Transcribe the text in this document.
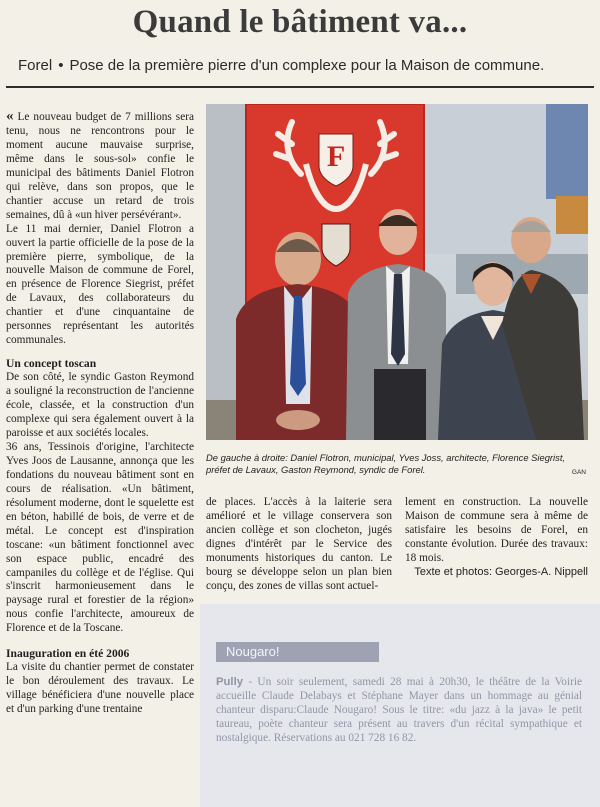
Quand le bâtiment va...
Forel • Pose de la première pierre d'un complexe pour la Maison de commune.

« Le nouveau budget de 7 millions sera tenu, nous ne rencontrons pour le moment aucune mauvaise surprise, même dans le sous-sol» confie le municipal des bâtiments Daniel Flotron qui relève, dans son propos, que le chantier accuse un retard de trois semaines, dû à «un hiver persévérant».

Le 11 mai dernier, Daniel Flotron a ouvert la partie officielle de la pose de la première pierre, symbolique, de la nouvelle Maison de commune de Forel, en présence de Florence Siegrist, préfet de Lavaux, des collaborateurs du chantier et d'une cinquantaine de personnes représentant les autorités communales.

Un concept toscan

De son côté, le syndic Gaston Reymond a souligné la reconstruction de l'ancienne école, classée, et la construction d'un complexe qui sera également ouvert à la paroisse et aux sociétés locales.

36 ans, Tessinois d'origine, l'architecte Yves Joos de Lausanne, annonça que les fondations du nouveau bâtiment sont en cours de réalisation. «Un bâtiment, résolument moderne, dont le squelette est en béton, habillé de bois, de verre et de métal. Le concept est d'inspiration toscane: «un bâtiment fonctionnel avec son espace public, encadré des campaniles du collège et de l'église. Qui s'inscrit harmonieusement dans le paysage rural et forestier de la région» nous confie l'architecte, amoureux de Florence et de la Toscane.

Inauguration en été 2006

La visite du chantier permet de constater le bon déroulement des travaux. Le village bénéficiera d'une nouvelle place et d'un parking d'une trentaine

F
De gauche à droite: Daniel Flotron, municipal, Yves Joss, architecte, Florence Siegrist, préfet de Lavaux, Gaston Reymond, syndic de Forel.	GAN

de places. L'accès à la laiterie sera amélioré et le village conservera son ancien collège et son clocheton, jugés dignes d'intérêt par le Service des monuments historiques du canton. Le bourg se développe selon un plan bien conçu, des zones de villas sont actuel-

lement en construction. La nouvelle Maison de commune sera à même de satisfaire les besoins de Forel, en constante évolution. Durée des travaux: 18 mois.

Texte et photos: Georges-A. Nippell

Nougaro!
Pully - Un soir seulement, samedi 28 mai à 20h30, le théâtre de la Voirie accueille Claude Delabays et Stéphane Mayer dans un hommage au génial chanteur disparu:Claude Nougaro! Sous le titre: «du jazz à la java» le petit taureau, poète chanteur sera présent au travers d'un récital sympathique et nostalgique. Réservations au 021 728 16 82.
